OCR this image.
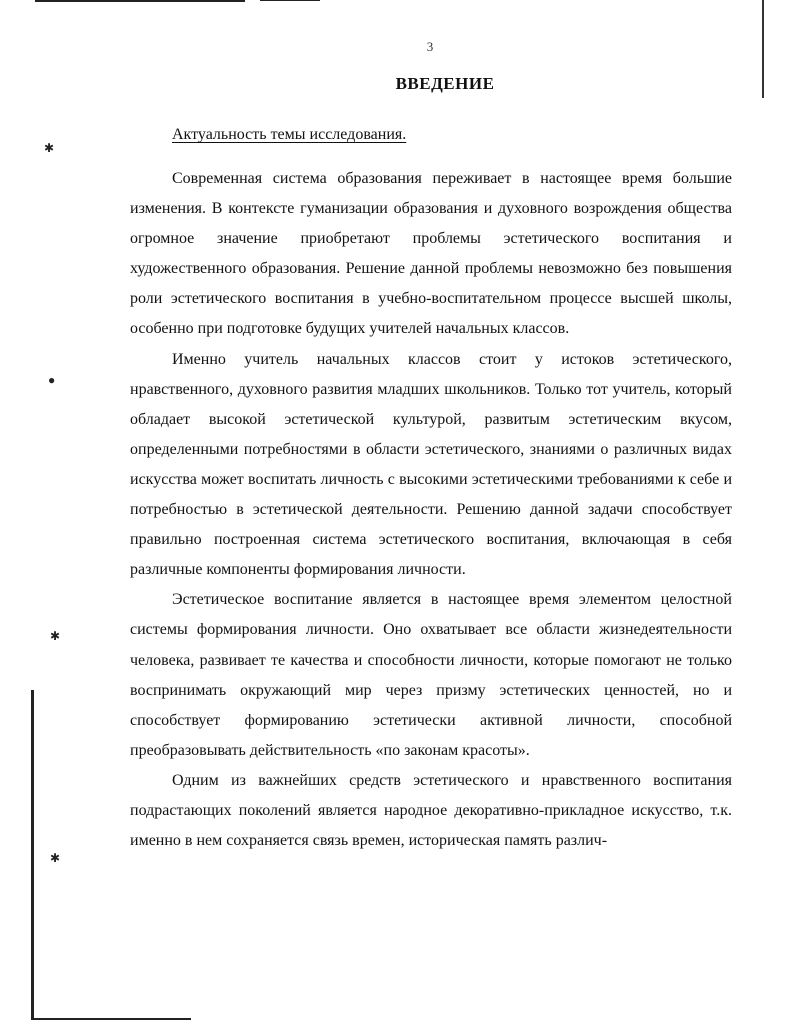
✱
●
✱
✱
3
ВВЕДЕНИЕ
Актуальность темы исследования.

Современная система образования переживает в настоящее время большие изменения. В контексте гуманизации образования и духовного возрождения общества огромное значение приобретают проблемы эстетического воспитания и художественного образования. Решение данной проблемы невозможно без повышения роли эстетического воспитания в учебно-воспитательном процессе высшей школы, особенно при подготовке будущих учителей начальных классов.

Именно учитель начальных классов стоит у истоков эстетического, нравственного, духовного развития младших школьников. Только тот учитель, который обладает высокой эстетической культурой, развитым эстетическим вкусом, определенными потребностями в области эстетического, знаниями о различных видах искусства может воспитать личность с высокими эстетическими требованиями к себе и потребностью в эстетической деятельности. Решению данной задачи способствует правильно построенная система эстетического воспитания, включающая в себя различные компоненты формирования личности.

Эстетическое воспитание является в настоящее время элементом целостной системы формирования личности. Оно охватывает все области жизнедеятельности человека, развивает те качества и способности личности, которые помогают не только воспринимать окружающий мир через призму эстетических ценностей, но и способствует формированию эстетически активной личности, способной преобразовывать действительность «по законам красоты».

Одним из важнейших средств эстетического и нравственного воспитания подрастающих поколений является народное декоративно-прикладное искусство, т.к. именно в нем сохраняется связь времен, историческая память различ-
